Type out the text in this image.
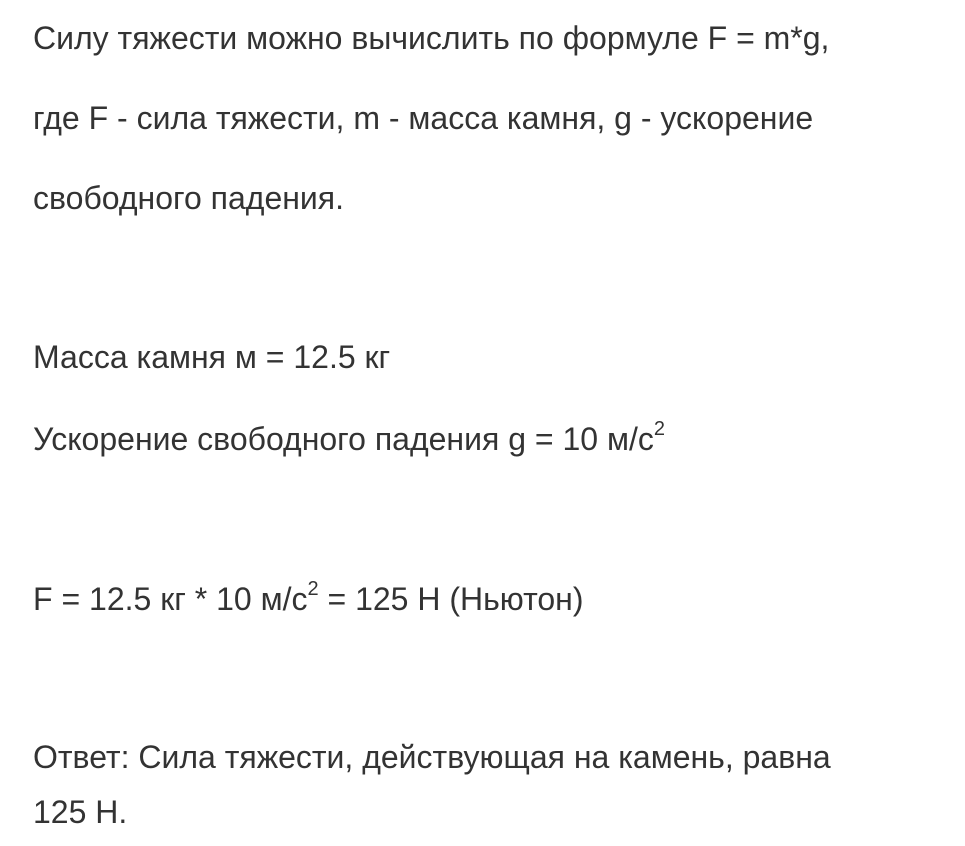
Силу тяжести можно вычислить по формуле F = m*g,
где F - сила тяжести, m - масса камня, g - ускорение
свободного падения.
Масса камня м = 12.5 кг
Ускорение свободного падения g = 10 $м/с^2$
F = 12.5 кг * 10 $м/с^2 = 125$ Н (Ньютон)
Ответ: Сила тяжести, действующая на камень, равна
125 Н.
